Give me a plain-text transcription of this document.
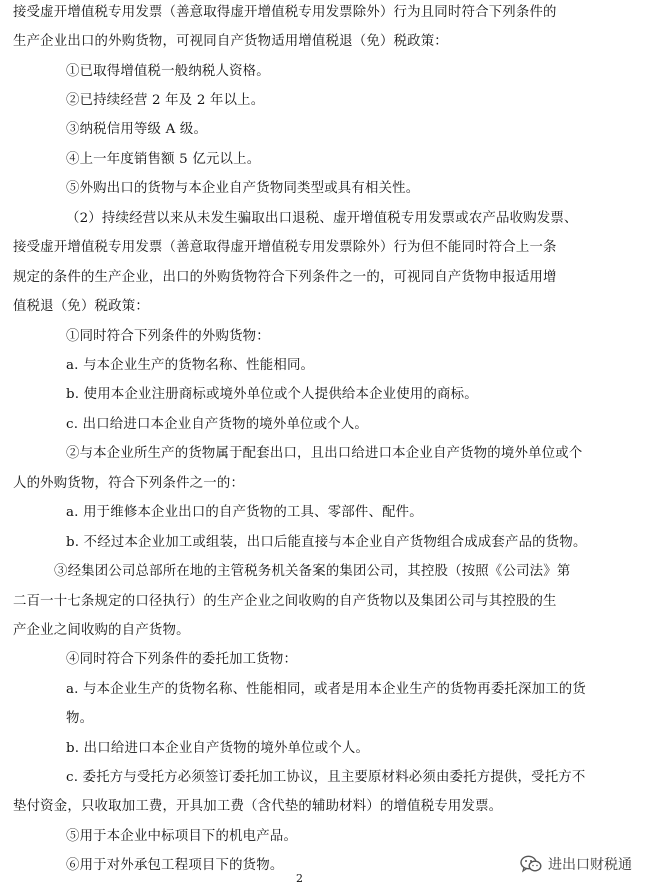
接受虚开增值税专用发票（善意取得虚开增值税专用发票除外）行为且同时符合下列条件的
生产企业出口的外购货物，可视同自产货物适用增值税退（免）税政策：
①已取得增值税一般纳税人资格。
②已持续经营 2 年及 2 年以上。
③纳税信用等级 A 级。
④上一年度销售额 5 亿元以上。
⑤外购出口的货物与本企业自产货物同类型或具有相关性。
（2）持续经营以来从未发生骗取出口退税、虚开增值税专用发票或农产品收购发票、
接受虚开增值税专用发票（善意取得虚开增值税专用发票除外）行为但不能同时符合上一条
规定的条件的生产企业，出口的外购货物符合下列条件之一的，可视同自产货物申报适用增
值税退（免）税政策：
①同时符合下列条件的外购货物：
a. 与本企业生产的货物名称、性能相同。
b. 使用本企业注册商标或境外单位或个人提供给本企业使用的商标。
c. 出口给进口本企业自产货物的境外单位或个人。
②与本企业所生产的货物属于配套出口，且出口给进口本企业自产货物的境外单位或个
人的外购货物，符合下列条件之一的：
a. 用于维修本企业出口的自产货物的工具、零部件、配件。
b. 不经过本企业加工或组装，出口后能直接与本企业自产货物组合成成套产品的货物。
③经集团公司总部所在地的主管税务机关备案的集团公司，其控股（按照《公司法》第
二百一十七条规定的口径执行）的生产企业之间收购的自产货物以及集团公司与其控股的生
产企业之间收购的自产货物。
④同时符合下列条件的委托加工货物：
a. 与本企业生产的货物名称、性能相同，或者是用本企业生产的货物再委托深加工的货
物。
b. 出口给进口本企业自产货物的境外单位或个人。
c. 委托方与受托方必须签订委托加工协议，且主要原材料必须由委托方提供，受托方不
垫付资金，只收取加工费，开具加工费（含代垫的辅助材料）的增值税专用发票。
⑤用于本企业中标项目下的机电产品。
⑥用于对外承包工程项目下的货物。
2
进出口财税通
